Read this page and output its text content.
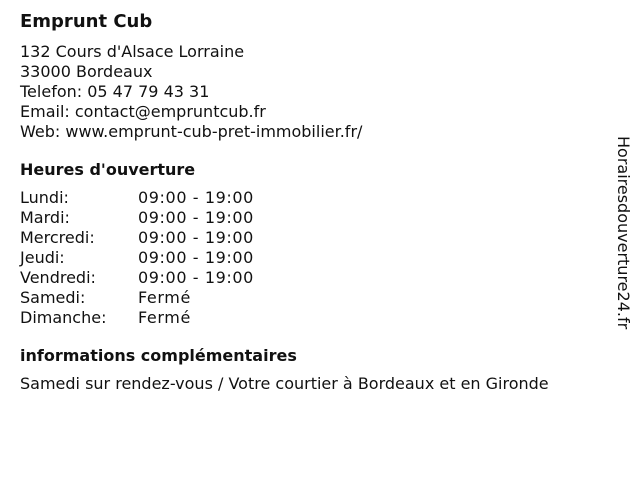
Emprunt Cub
132 Cours d'Alsace Lorraine
33000 Bordeaux
Telefon: 05 47 79 43 31
Email: contact@empruntcub.fr
Web: www.emprunt-cub-pret-immobilier.fr/
Heures d'ouverture
Lundi:	09:00 - 19:00
Mardi:	09:00 - 19:00
Mercredi:	09:00 - 19:00
Jeudi:	09:00 - 19:00
Vendredi:	09:00 - 19:00
Samedi:	Fermé
Dimanche:	Fermé
informations complémentaires
Samedi sur rendez-vous / Votre courtier à Bordeaux et en Gironde
Horairesdouverture24.fr
